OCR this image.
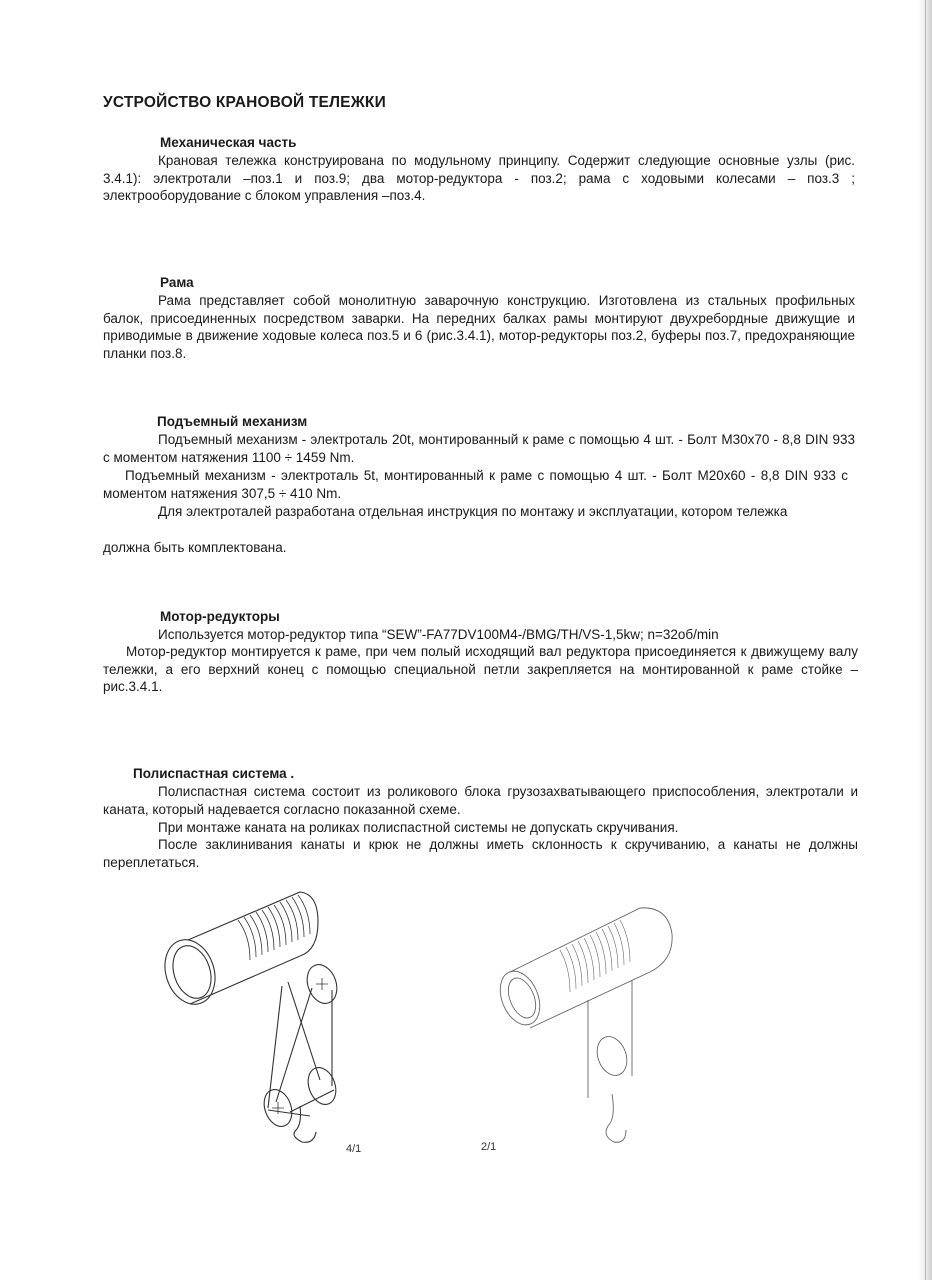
УСТРОЙСТВО КРАНОВОЙ ТЕЛЕЖКИ
Механическая часть

Крановая тележка конструирована по модульному принципу. Содержит следующие основные узлы (рис. 3.4.1): электротали –поз.1 и поз.9; два мотор-редуктора - поз.2; рама с ходовыми колесами – поз.3 ; электрооборудование с блоком управления –поз.4.

Рама

Рама представляет собой монолитную заварочную конструкцию. Изготовлена из стальных профильных балок, присоединенных посредством заварки. На передних балках рамы монтируют двухребордные движущие и приводимые в движение ходовые колеса поз.5 и 6 (рис.3.4.1), мотор-редукторы поз.2, буферы поз.7, предохраняющие планки поз.8.

Подъемный механизм

Подъемный механизм - электроталь 20t, монтированный к раме с помощью 4 шт. - Болт M30x70 - 8,8 DIN 933 с моментом натяжения 1100 ÷ 1459 Nm.

Подъемный механизм - электроталь 5t, монтированный к раме с помощью 4 шт. - Болт M20x60 - 8,8 DIN 933 с моментом натяжения 307,5 ÷ 410 Nm.

Для электроталей разработана отдельная инструкция по монтажу и эксплуатации, котором тележка

должна быть комплектована.

Мотор-редукторы

Используется мотор-редуктор типа “SEW”-FA77DV100M4-/BMG/TH/VS-1,5kw; n=32об/min

Мотор-редуктор монтируется к раме, при чем полый исходящий вал редуктора присоединяется к движущему валу тележки, а его верхний конец с помощью специальной петли закрепляется на монтированной к раме стойке – рис.3.4.1.

Полиспастная система .

Полиспастная система состоит из роликового блока грузозахватывающего приспособления, электротали и каната, который надевается согласно показанной схеме.

При монтаже каната на роликах полиспастной системы не допускать скручивания.

После заклинивания канаты и крюк не должны иметь склонность к скручиванию, а канаты не должны переплетаться.

4/1	2/1
